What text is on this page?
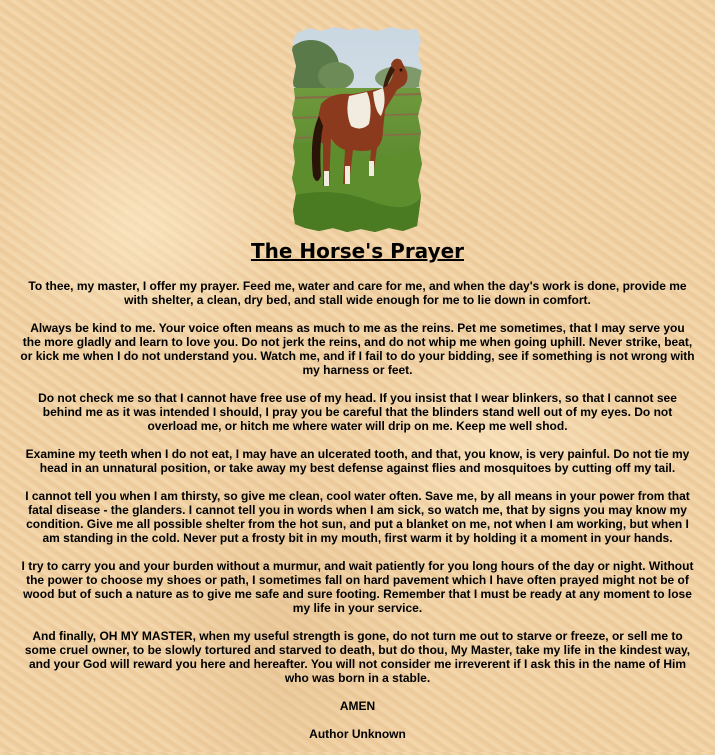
The Horse's Prayer

To thee, my master, I offer my prayer. Feed me, water and care for me, and when the day's work is done, provide me with shelter, a clean, dry bed, and stall wide enough for me to lie down in comfort.

Always be kind to me. Your voice often means as much to me as the reins. Pet me sometimes, that I may serve you the more gladly and learn to love you. Do not jerk the reins, and do not whip me when going uphill. Never strike, beat, or kick me when I do not understand you. Watch me, and if I fail to do your bidding, see if something is not wrong with my harness or feet.

Do not check me so that I cannot have free use of my head. If you insist that I wear blinkers, so that I cannot see behind me as it was intended I should, I pray you be careful that the blinders stand well out of my eyes. Do not overload me, or hitch me where water will drip on me. Keep me well shod.

Examine my teeth when I do not eat, I may have an ulcerated tooth, and that, you know, is very painful. Do not tie my head in an unnatural position, or take away my best defense against flies and mosquitoes by cutting off my tail.

I cannot tell you when I am thirsty, so give me clean, cool water often. Save me, by all means in your power from that fatal disease - the glanders. I cannot tell you in words when I am sick, so watch me, that by signs you may know my condition. Give me all possible shelter from the hot sun, and put a blanket on me, not when I am working, but when I am standing in the cold. Never put a frosty bit in my mouth, first warm it by holding it a moment in your hands.

I try to carry you and your burden without a murmur, and wait patiently for you long hours of the day or night. Without the power to choose my shoes or path, I sometimes fall on hard pavement which I have often prayed might not be of wood but of such a nature as to give me safe and sure footing. Remember that I must be ready at any moment to lose my life in your service.

And finally, OH MY MASTER, when my useful strength is gone, do not turn me out to starve or freeze, or sell me to some cruel owner, to be slowly tortured and starved to death, but do thou, My Master, take my life in the kindest way, and your God will reward you here and hereafter. You will not consider me irreverent if I ask this in the name of Him who was born in a stable.

AMEN

Author Unknown
